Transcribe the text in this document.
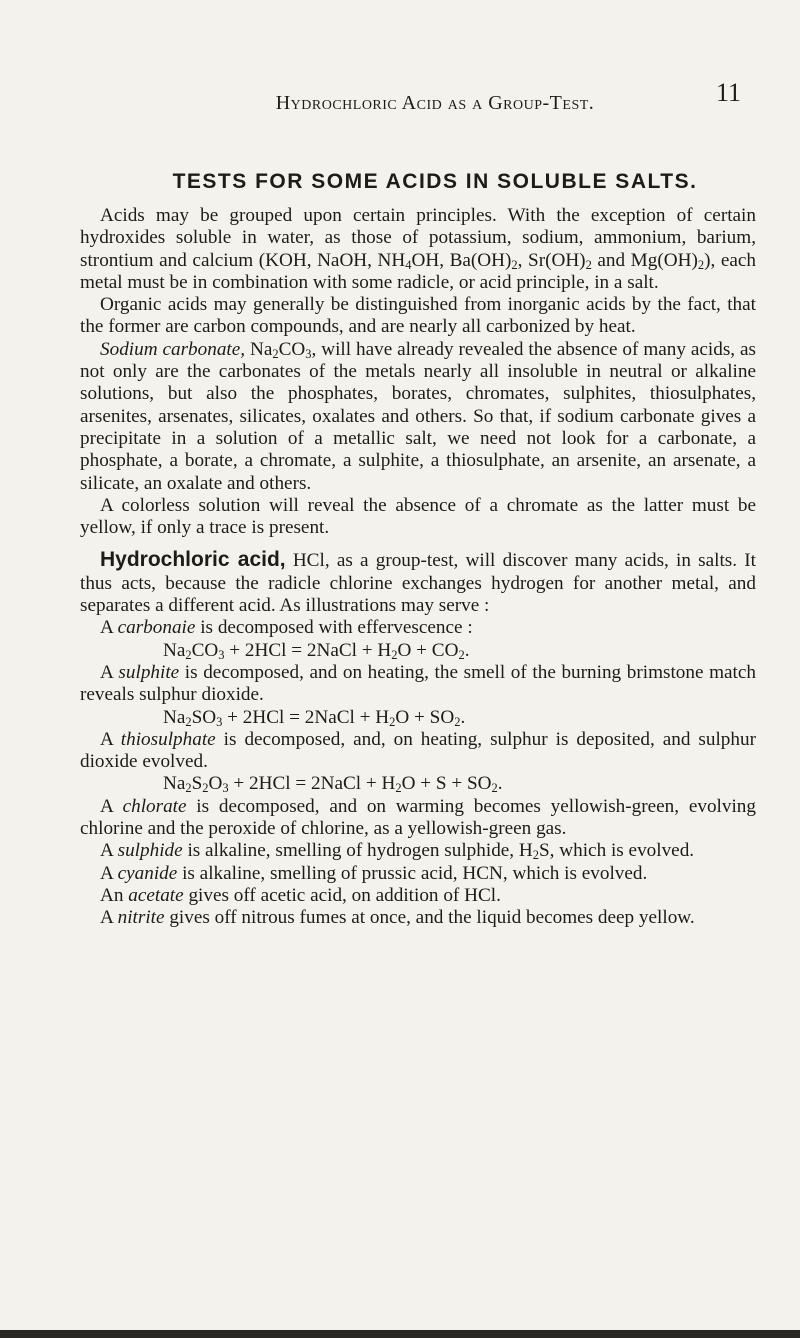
Hydrochloric Acid as a Group-Test.	11
TESTS FOR SOME ACIDS IN SOLUBLE SALTS.

Acids may be grouped upon certain principles. With the exception of certain hydroxides soluble in water, as those of potassium, sodium, ammonium, barium, strontium and calcium (KOH, NaOH, $NH_4OH$, $Ba(OH)_2$, $Sr(OH)_2$ and $Mg(OH)_2$), each metal must be in combination with some radicle, or acid principle, in a salt.

Organic acids may generally be distinguished from inorganic acids by the fact, that the former are carbon compounds, and are nearly all carbonized by heat.

Sodium carbonate, $Na_2CO_3$, will have already revealed the absence of many acids, as not only are the carbonates of the metals nearly all insoluble in neutral or alkaline solutions, but also the phosphates, borates, chromates, sulphites, thiosulphates, arsenites, arsenates, silicates, oxalates and others. So that, if sodium carbonate gives a precipitate in a solution of a metallic salt, we need not look for a carbonate, a phosphate, a borate, a chromate, a sulphite, a thiosulphate, an arsenite, an arsenate, a silicate, an oxalate and others.

A colorless solution will reveal the absence of a chromate as the latter must be yellow, if only a trace is present.

Hydrochloric acid, HCl, as a group-test, will discover many acids, in salts. It thus acts, because the radicle chlorine exchanges hydrogen for another metal, and separates a different acid. As illustrations may serve :

A carbonaie is decomposed with effervescence :

$Na_2CO_3 + 2HCl$ = 2NaCl + $H_2O + CO_2$.

A sulphite is decomposed, and on heating, the smell of the burning brimstone match reveals sulphur dioxide.

$Na_2SO_3 + 2HCl$ = 2NaCl + $H_2O + SO_2$.

A thiosulphate is decomposed, and, on heating, sulphur is deposited, and sulphur dioxide evolved.

$Na_2S_2O_3 + 2HCl$ = 2NaCl + $H_2O + S + SO_2$.

A chlorate is decomposed, and on warming becomes yellowish-green, evolving chlorine and the peroxide of chlorine, as a yellowish-green gas.

A sulphide is alkaline, smelling of hydrogen sulphide, $H_2S$, which is evolved.

A cyanide is alkaline, smelling of prussic acid, HCN, which is evolved.

An acetate gives off acetic acid, on addition of HCl.

A nitrite gives off nitrous fumes at once, and the liquid becomes deep yellow.
